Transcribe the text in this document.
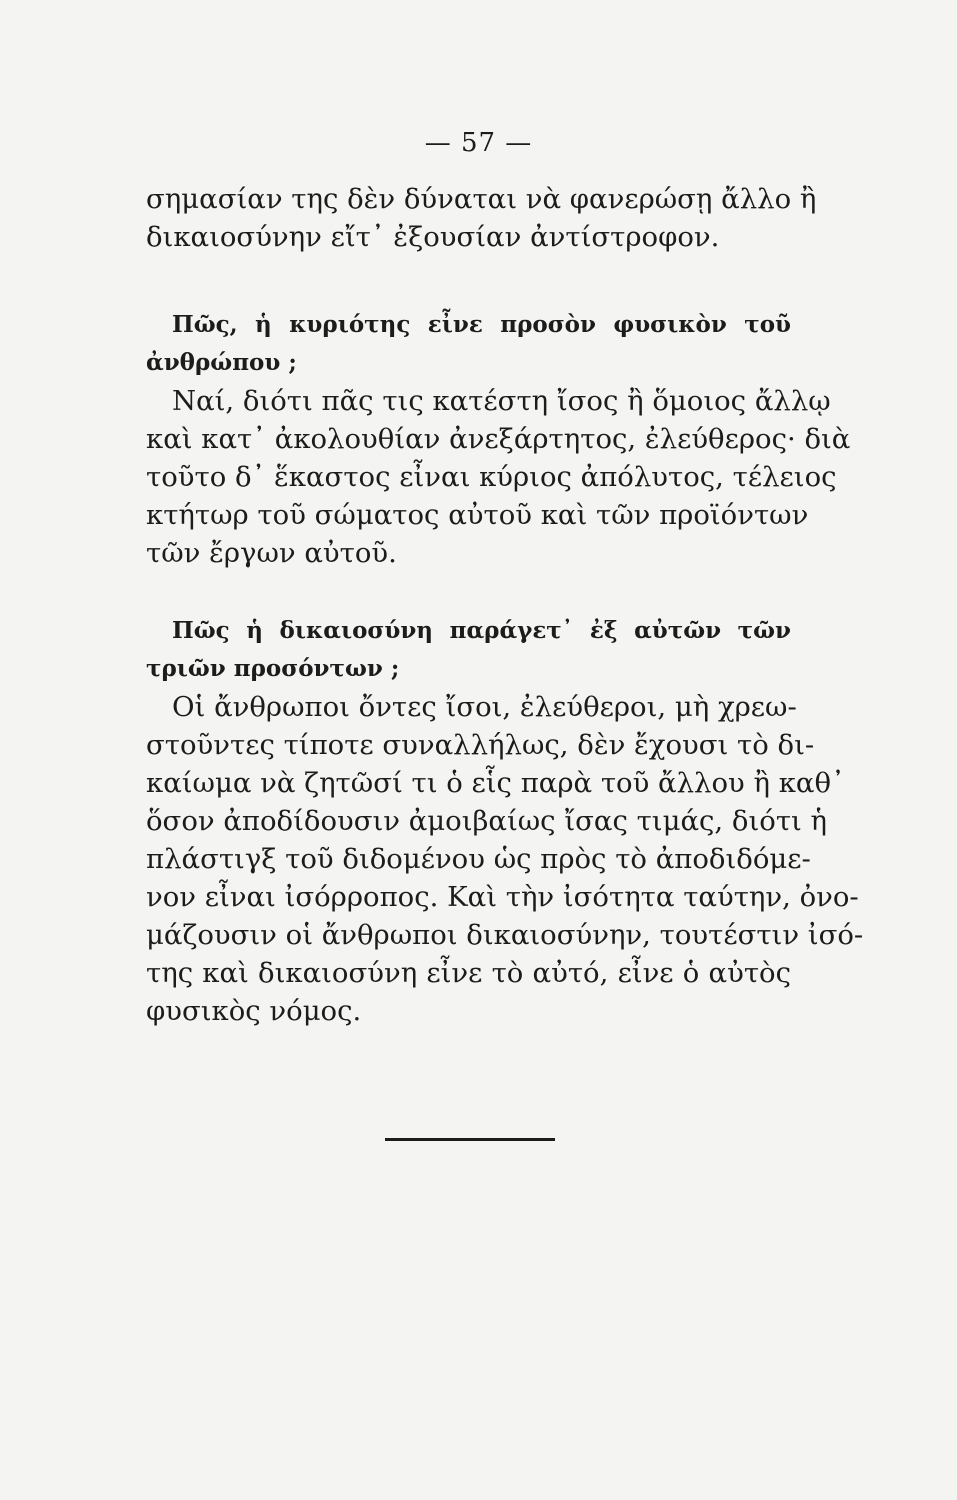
— 57 —
σημασίαν της δὲν δύναται νὰ φανερώσῃ ἄλλο ἢ
δικαιοσύνην εἴτ᾽ ἐξουσίαν ἀντίστροφον.
Πῶς, ἡ κυριότης εἶνε προσὸν φυσικὸν τοῦ
ἀνθρώπου ;
Ναί, διότι πᾶς τις κατέστη ἴσος ἢ ὅμοιος ἄλλῳ
καὶ κατ᾽ ἀκολουθίαν ἀνεξάρτητος, ἐλεύθερος· διὰ
τοῦτο δ᾽ ἕκαστος εἶναι κύριος ἀπόλυτος, τέλειος
κτήτωρ τοῦ σώματος αὐτοῦ καὶ τῶν προϊόντων
τῶν ἔργων αὐτοῦ.
Πῶς ἡ δικαιοσύνη παράγετ᾽ ἐξ αὐτῶν τῶν
τριῶν προσόντων ;
Οἱ ἄνθρωποι ὄντες ἴσοι, ἐλεύθεροι, μὴ χρεω-
στοῦντες τίποτε συναλλήλως, δὲν ἔχουσι τὸ δι-
καίωμα νὰ ζητῶσί τι ὁ εἷς παρὰ τοῦ ἄλλου ἢ καθ᾽
ὅσον ἀποδίδουσιν ἀμοιβαίως ἴσας τιμάς, διότι ἡ
πλάστιγξ τοῦ διδομένου ὡς πρὸς τὸ ἀποδιδόμε-
νον εἶναι ἰσόρροπος. Καὶ τὴν ἰσότητα ταύτην, ὀνο-
μάζουσιν οἱ ἄνθρωποι δικαιοσύνην, τουτέστιν ἰσό-
της καὶ δικαιοσύνη εἶνε τὸ αὐτό, εἶνε ὁ αὐτὸς
φυσικὸς νόμος.
